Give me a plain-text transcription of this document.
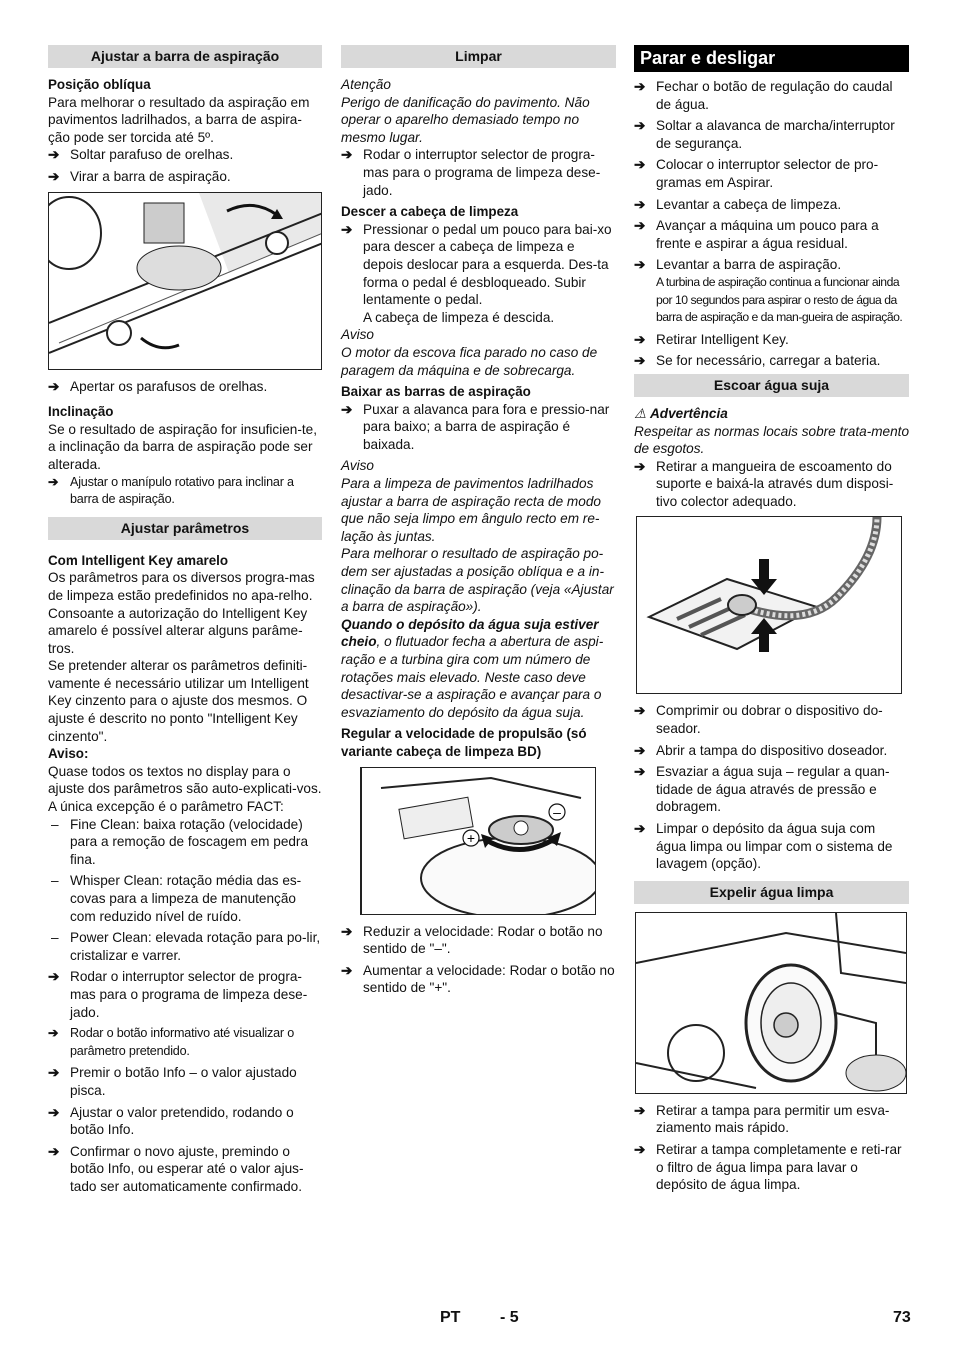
Ajustar a barra de aspiração

Posição oblíqua

Para melhorar o resultado da aspiração em pavimentos ladrilhados, a barra de aspira-ção pode ser torcida até 5º.

➔ Soltar parafuso de orelhas.
➔ Virar a barra de aspiração.
➔ Apertar os parafusos de orelhas.

Inclinação

Se o resultado de aspiração for insuficien-te, a inclinação da barra de aspiração pode ser alterada.

➔ Ajustar o manípulo rotativo para inclinar a barra de aspiração.
Ajustar parâmetros

Com Intelligent Key amarelo

Os parâmetros para os diversos progra-mas de limpeza estão predefinidos no apa-relho.

Consoante a autorização do Intelligent Key amarelo é possível alterar alguns parâme-tros.

Se pretender alterar os parâmetros definiti-vamente é necessário utilizar um Intelligent Key cinzento para o ajuste dos mesmos. O ajuste é descrito no ponto "Intelligent Key cinzento".

Aviso:

Quase todos os textos no display para o ajuste dos parâmetros são auto-explicati-vos. A única excepção é o parâmetro FACT:

– Fine Clean: baixa rotação (velocidade) para a remoção de foscagem em pedra fina.
– Whisper Clean: rotação média das es-covas para a limpeza de manutenção com reduzido nível de ruído.
– Power Clean: elevada rotação para po-lir, cristalizar e varrer.
➔ Rodar o interruptor selector de progra-mas para o programa de limpeza dese-jado.
➔ Rodar o botão informativo até visualizar o parâmetro pretendido.
➔ Premir o botão Info – o valor ajustado pisca.
➔ Ajustar o valor pretendido, rodando o botão Info.
➔ Confirmar o novo ajuste, premindo o botão Info, ou esperar até o valor ajus-tado ser automaticamente confirmado.
Limpar

Atenção

Perigo de danificação do pavimento. Não operar o aparelho demasiado tempo no mesmo lugar.

➔ Rodar o interruptor selector de progra-mas para o programa de limpeza dese-jado.

Descer a cabeça de limpeza

➔ Pressionar o pedal um pouco para bai-xo para descer a cabeça de limpeza e depois deslocar para a esquerda. Des-ta forma o pedal é desbloqueado. Subir lentamente o pedal.

A cabeça de limpeza é descida.

Aviso

O motor da escova fica parado no caso de paragem da máquina e de sobrecarga.

Baixar as barras de aspiração

➔ Puxar a alavanca para fora e pressio-nar para baixo; a barra de aspiração é baixada.

Aviso

Para a limpeza de pavimentos ladrilhados ajustar a barra de aspiração recta de modo que não seja limpo em ângulo recto em re-lação às juntas.

Para melhorar o resultado de aspiração po-dem ser ajustadas a posição oblíqua e a in-clinação da barra de aspiração (veja «Ajustar a barra de aspiração»).

Quando o depósito da água suja estiver cheio, o flutuador fecha a abertura de aspi-ração e a turbina gira com um número de rotações mais elevado. Neste caso deve desactivar-se a aspiração e avançar para o esvaziamento do depósito da água suja.

Regular a velocidade de propulsão (só variante cabeça de limpeza BD)

+
–
➔ Reduzir a velocidade: Rodar o botão no sentido de "–".
➔ Aumentar a velocidade: Rodar o botão no sentido de "+".
Parar e desligar
➔ Fechar o botão de regulação do caudal de água.
➔ Soltar a alavanca de marcha/interruptor de segurança.
➔ Colocar o interruptor selector de pro-gramas em Aspirar.
➔ Levantar a cabeça de limpeza.
➔ Avançar a máquina um pouco para a frente e aspirar a água residual.
➔ Levantar a barra de aspiração.

A turbina de aspiração continua a funcionar ainda por 10 segundos para aspirar o resto de água da barra de aspiração e da man-gueira de aspiração.

➔ Retirar Intelligent Key.
➔ Se for necessário, carregar a bateria.
Escoar água suja

⚠ Advertência

Respeitar as normas locais sobre trata-mento de esgotos.

➔ Retirar a mangueira de escoamento do suporte e baixá-la através dum disposi-tivo colector adequado.
➔ Comprimir ou dobrar o dispositivo do-seador.
➔ Abrir a tampa do dispositivo doseador.
➔ Esvaziar a água suja – regular a quan-tidade de água através de pressão e dobragem.
➔ Limpar o depósito da água suja com água limpa ou limpar com o sistema de lavagem (opção).
Expelir água limpa
➔ Retirar a tampa para permitir um esva-ziamento mais rápido.
➔ Retirar a tampa completamente e reti-rar o filtro de água limpa para lavar o depósito de água limpa.
PT - 5	73
